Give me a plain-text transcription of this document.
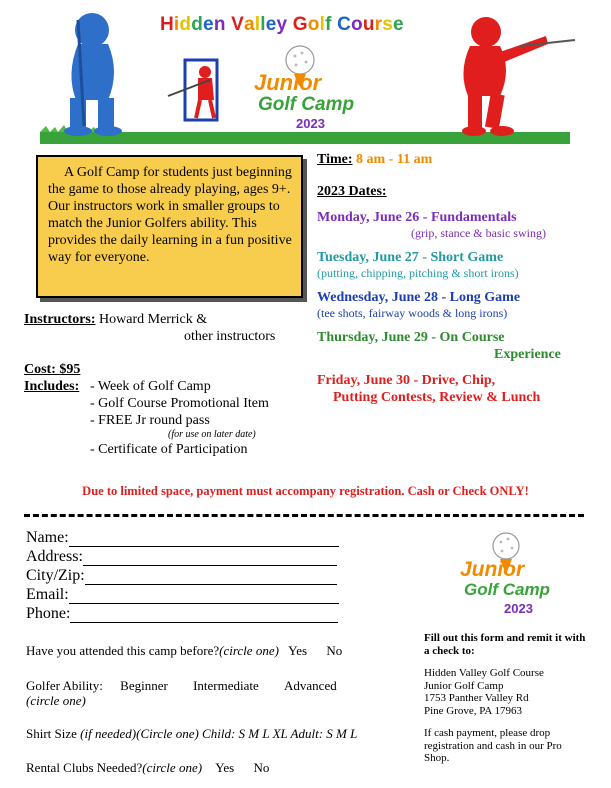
Hidden Valley Golf Course
Junior
Golf Camp
2023
A Golf Camp for students just beginning the game to those already playing, ages 9+. Our instructors work in smaller groups to match the Junior Golfers ability. This provides the daily learning in a fun positive way for everyone.
Instructors: Howard Merrick &
other instructors
Cost: $95
Includes: - Week of Golf Camp
- Golf Course Promotional Item
- FREE Jr round pass
(for use on later date)
- Certificate of Participation
Time: 8 am - 11 am
2023 Dates:
Monday, June 26 - Fundamentals
(grip, stance & basic swing)
Tuesday, June 27 - Short Game
(putting, chipping, pitching & short irons)
Wednesday, June 28 - Long Game
(tee shots, fairway woods & long irons)
Thursday, June 29 - On Course
Experience
Friday, June 30 - Drive, Chip,
Putting Contests, Review & Lunch
Due to limited space, payment must accompany registration. Cash or Check ONLY!
Name:
Address:
City/Zip:
Email:
Phone:
Have you attended this camp before?(circle one) Yes No
Golfer Ability: Beginner Intermediate Advanced
(circle one)
Shirt Size (if needed)(Circle one) Child: S M L XL Adult: S M L
Rental Clubs Needed?(circle one) Yes No
Junior
Golf Camp
2023
Fill out this form and remit it with a check to:
Hidden Valley Golf Course
Junior Golf Camp
1753 Panther Valley Rd
Pine Grove, PA 17963
If cash payment, please drop registration and cash in our Pro Shop.
